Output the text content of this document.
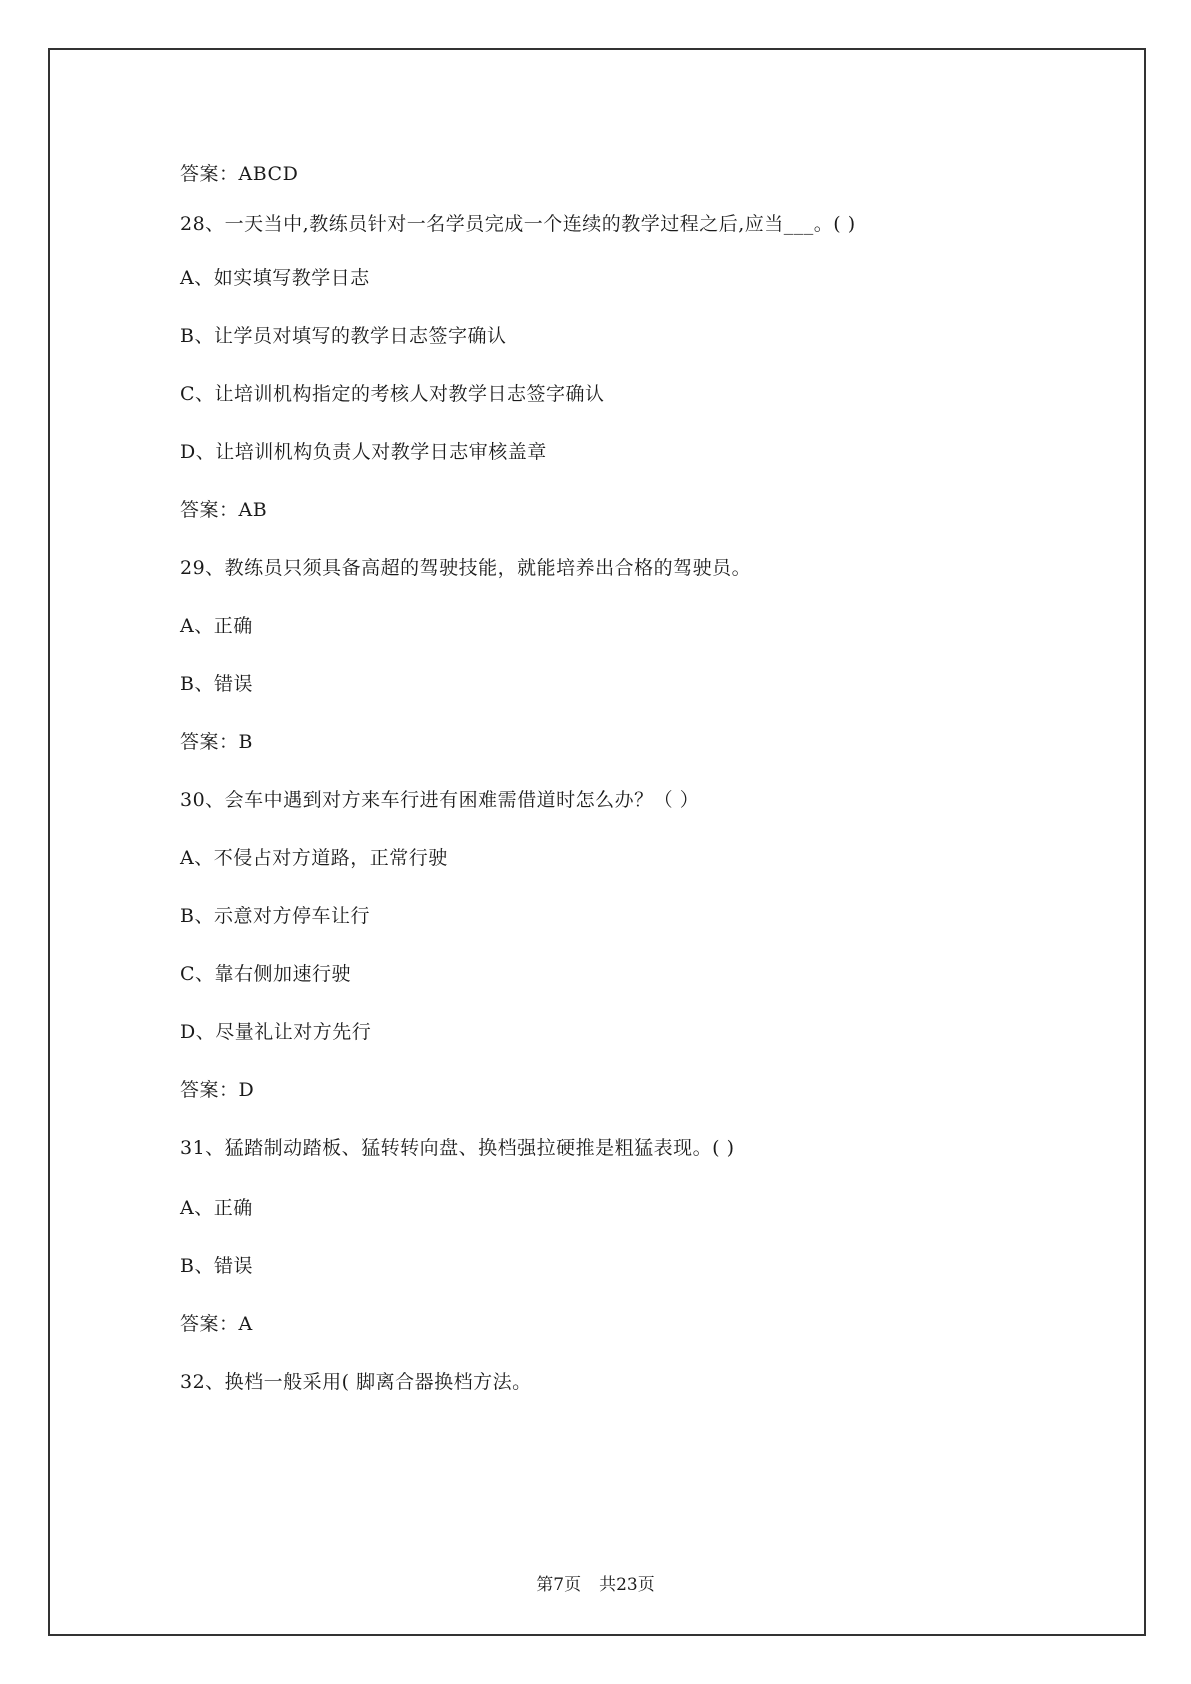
答案：ABCD
28、一天当中,教练员针对一名学员完成一个连续的教学过程之后,应当___。( )
A、如实填写教学日志
B、让学员对填写的教学日志签字确认
C、让培训机构指定的考核人对教学日志签字确认
D、让培训机构负责人对教学日志审核盖章
答案：AB
29、教练员只须具备高超的驾驶技能，就能培养出合格的驾驶员。
A、正确
B、错误
答案：B
30、会车中遇到对方来车行进有困难需借道时怎么办？（ ）
A、不侵占对方道路，正常行驶
B、示意对方停车让行
C、靠右侧加速行驶
D、尽量礼让对方先行
答案：D
31、猛踏制动踏板、猛转转向盘、换档强拉硬推是粗猛表现。( )
A、正确
B、错误
答案：A
32、换档一般采用( 脚离合器换档方法。
第7页 共23页
